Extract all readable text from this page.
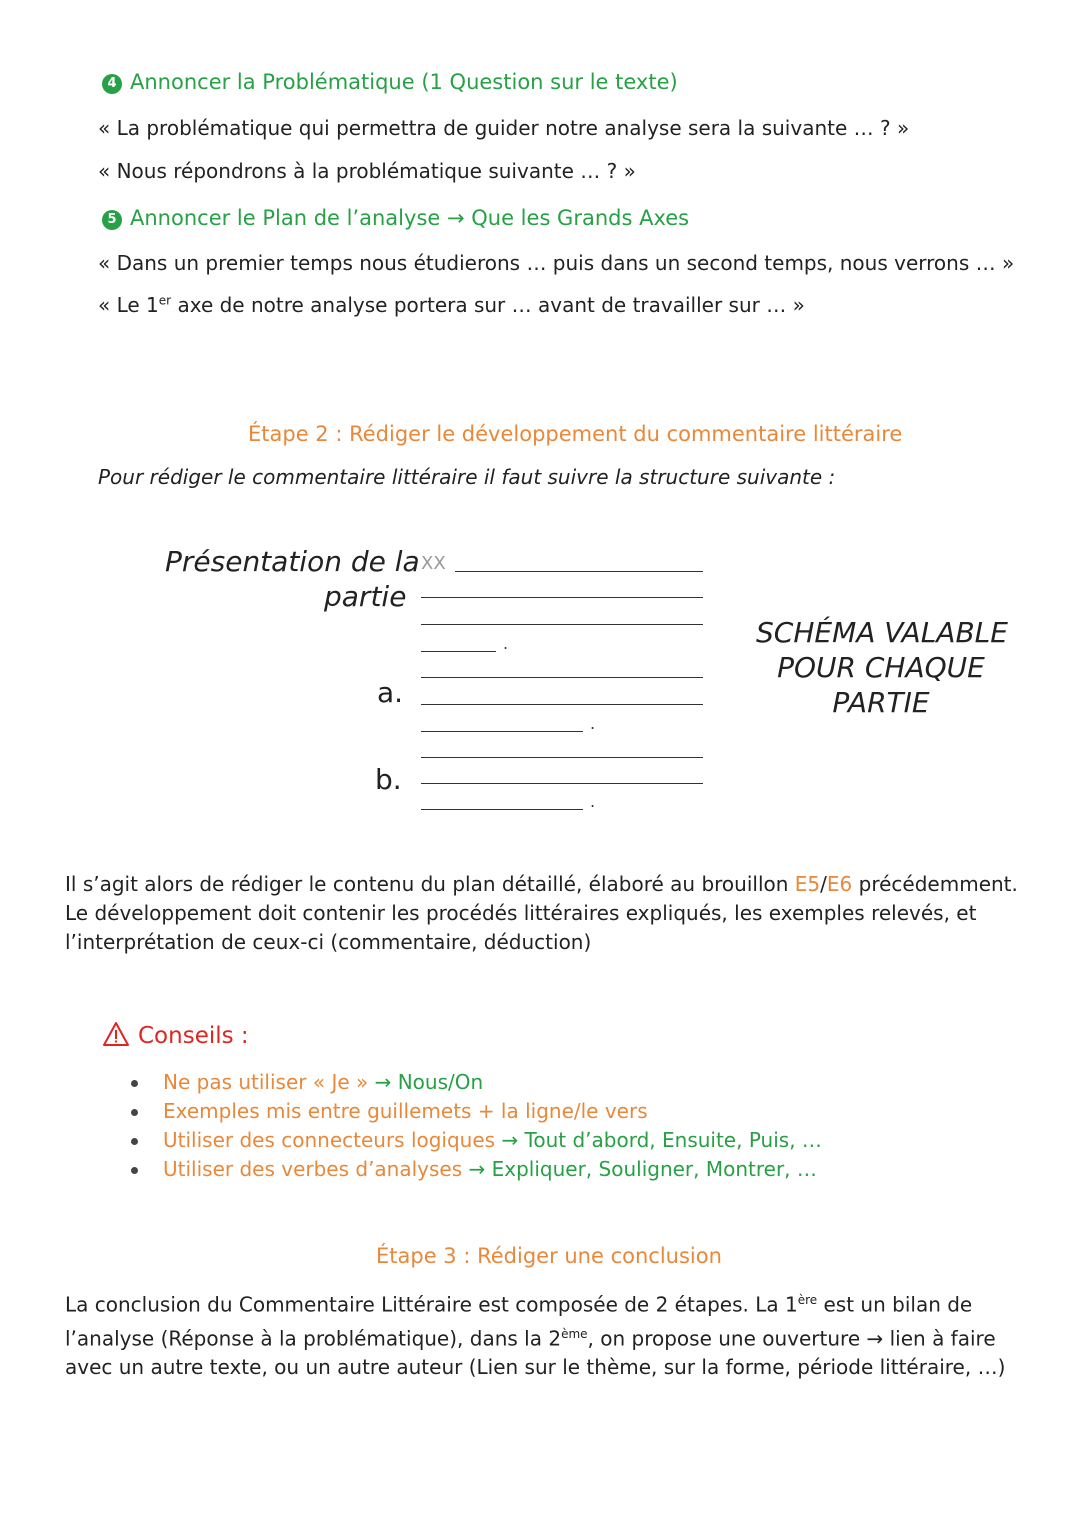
4 Annoncer la Problématique (1 Question sur le texte)
« La problématique qui permettra de guider notre analyse sera la suivante … ? »
« Nous répondrons à la problématique suivante … ? »
5 Annoncer le Plan de l’analyse → Que les Grands Axes
« Dans un premier temps nous étudierons … puis dans un second temps, nous verrons … »
« Le 1er axe de notre analyse portera sur … avant de travailler sur … »
Étape 2 : Rédiger le développement du commentaire littéraire
Pour rédiger le commentaire littéraire il faut suivre la structure suivante :
Présentation de la
partie
XX
.
a.
.
b.
.
SCHÉMA VALABLE
POUR CHAQUE
PARTIE
Il s’agit alors de rédiger le contenu du plan détaillé, élaboré au brouillon E5/E6 précédemment.
Le développement doit contenir les procédés littéraires expliqués, les exemples relevés, et
l’interprétation de ceux-ci (commentaire, déduction)
Conseils :
Ne pas utiliser « Je » → Nous/On
Exemples mis entre guillemets + la ligne/le vers
Utiliser des connecteurs logiques → Tout d’abord, Ensuite, Puis, …
Utiliser des verbes d’analyses → Expliquer, Souligner, Montrer, …
Étape 3 : Rédiger une conclusion
La conclusion du Commentaire Littéraire est composée de 2 étapes. La 1ère est un bilan de
l’analyse (Réponse à la problématique), dans la 2ème, on propose une ouverture → lien à faire
avec un autre texte, ou un autre auteur (Lien sur le thème, sur la forme, période littéraire, …)
